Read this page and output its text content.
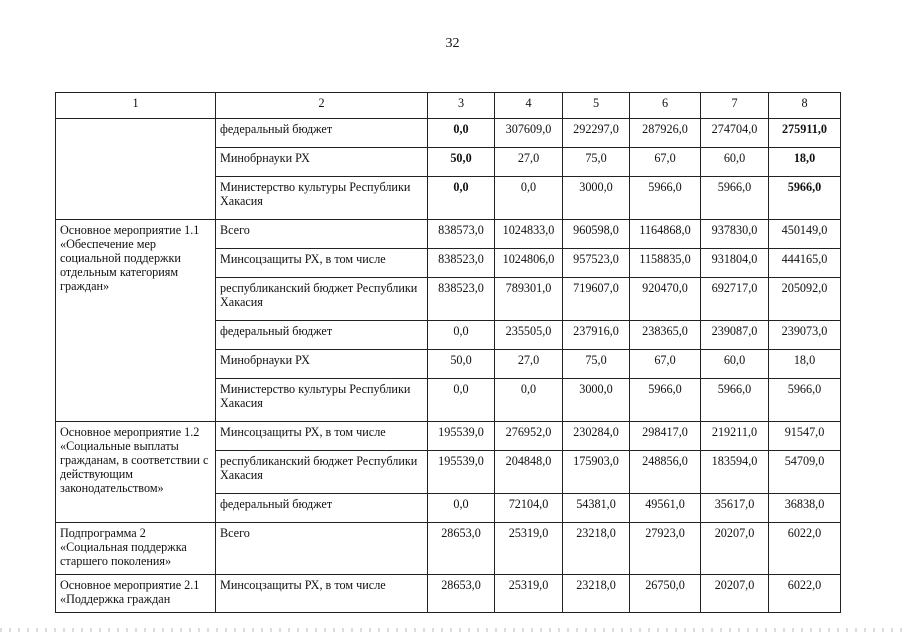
32
1	2	3	4	5	6	7	8
	федеральный бюджет	0,0	307609,0	292297,0	287926,0	274704,0	275911,0
	Минобрнауки РХ	50,0	27,0	75,0	67,0	60,0	18,0
	Министерство культуры Республики Хакасия	0,0	0,0	3000,0	5966,0	5966,0	5966,0
Основное мероприятие 1.1 «Обеспечение мер социальной поддержки отдельным категориям граждан»	Всего	838573,0	1024833,0	960598,0	1164868,0	937830,0	450149,0
	Минсоцзащиты РХ, в том числе	838523,0	1024806,0	957523,0	1158835,0	931804,0	444165,0
	республиканский бюджет Республики Хакасия	838523,0	789301,0	719607,0	920470,0	692717,0	205092,0
	федеральный бюджет	0,0	235505,0	237916,0	238365,0	239087,0	239073,0
	Минобрнауки РХ	50,0	27,0	75,0	67,0	60,0	18,0
	Министерство культуры Республики Хакасия	0,0	0,0	3000,0	5966,0	5966,0	5966,0
Основное мероприятие 1.2 «Социальные выплаты гражданам, в соответствии с действующим законодательством»	Минсоцзащиты РХ, в том числе	195539,0	276952,0	230284,0	298417,0	219211,0	91547,0
	республиканский бюджет Республики Хакасия	195539,0	204848,0	175903,0	248856,0	183594,0	54709,0
	федеральный бюджет	0,0	72104,0	54381,0	49561,0	35617,0	36838,0
Подпрограмма 2 «Социальная поддержка старшего поколения»	Всего	28653,0	25319,0	23218,0	27923,0	20207,0	6022,0
Основное мероприятие 2.1 «Поддержка граждан	Минсоцзащиты РХ, в том числе	28653,0	25319,0	23218,0	26750,0	20207,0	6022,0
